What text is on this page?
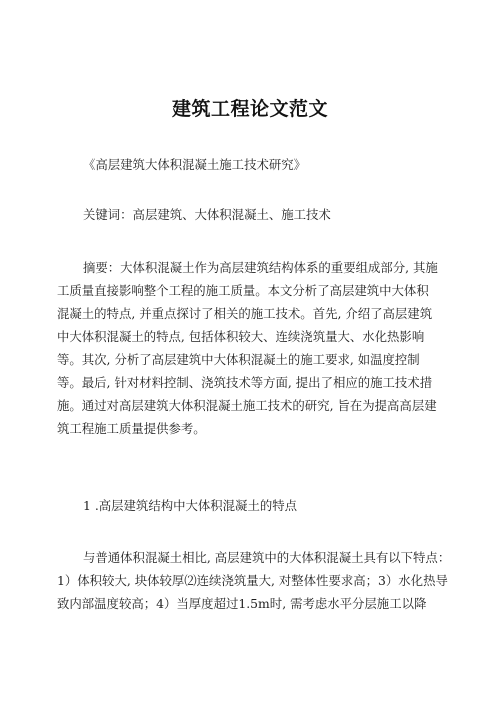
建筑工程论文范文
《高层建筑大体积混凝土施工技术研究》
关键词：高层建筑、大体积混凝土、施工技术
摘要：大体积混凝土作为高层建筑结构体系的重要组成部分, 其施
工质量直接影响整个工程的施工质量。本文分析了高层建筑中大体积
混凝土的特点, 并重点探讨了相关的施工技术。首先, 介绍了高层建筑
中大体积混凝土的特点, 包括体积较大、连续浇筑量大、水化热影响
等。其次, 分析了高层建筑中大体积混凝土的施工要求, 如温度控制
等。最后, 针对材料控制、浇筑技术等方面, 提出了相应的施工技术措
施。通过对高层建筑大体积混凝土施工技术的研究, 旨在为提高高层建
筑工程施工质量提供参考。
1 .高层建筑结构中大体积混凝土的特点
与普通体积混凝土相比, 高层建筑中的大体积混凝土具有以下特点：
1）体积较大, 块体较厚⑵连续浇筑量大, 对整体性要求高；3）水化热导
致内部温度较高；4）当厚度超过1.5m时, 需考虑水平分层施工以降
